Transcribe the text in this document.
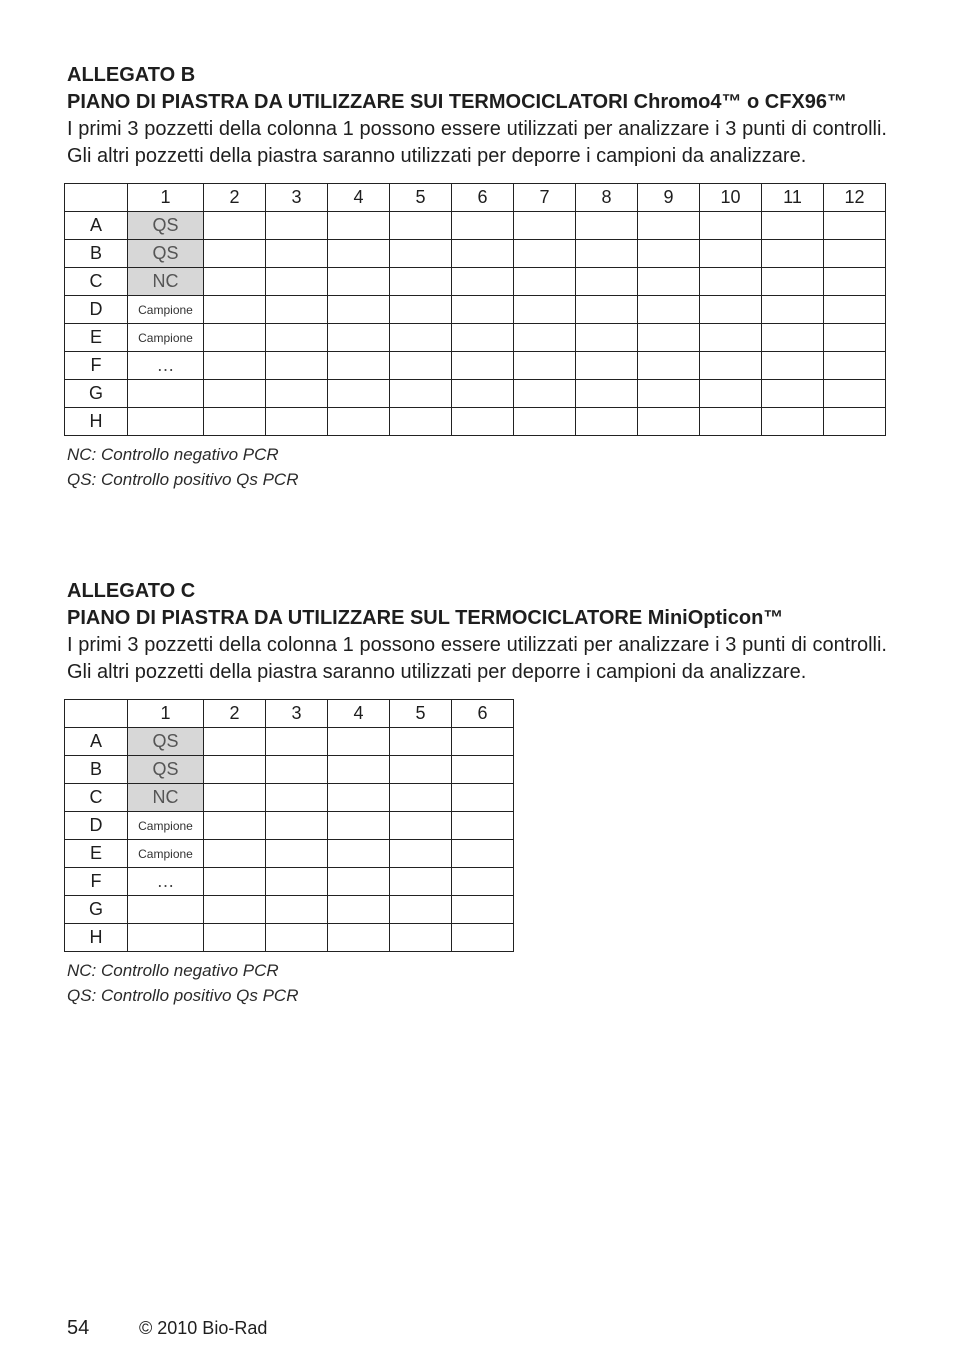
ALLEGATO B

PIANO DI PIASTRA DA UTILIZZARE SUI TERMOCICLATORI Chromo4™ o CFX96™

I primi 3 pozzetti della colonna 1 possono essere utilizzati per analizzare i 3 punti di controlli. Gli altri pozzetti della piastra saranno utilizzati per deporre i campioni da analizzare.

	1	2	3	4	5	6	7	8	9	10	11	12
A	QS											
B	QS											
C	NC											
D	Campione											
E	Campione											
F	…											
G												
H												

NC: Controllo negativo PCR

QS: Controllo positivo Qs PCR

ALLEGATO C

PIANO DI PIASTRA DA UTILIZZARE SUL TERMOCICLATORE MiniOpticon™

I primi 3 pozzetti della colonna 1 possono essere utilizzati per analizzare i 3 punti di controlli. Gli altri pozzetti della piastra saranno utilizzati per deporre i campioni da analizzare.

	1	2	3	4	5	6
A	QS					
B	QS					
C	NC					
D	Campione					
E	Campione					
F	…					
G						
H						

NC: Controllo negativo PCR

QS: Controllo positivo Qs PCR

54	© 2010 Bio-Rad
